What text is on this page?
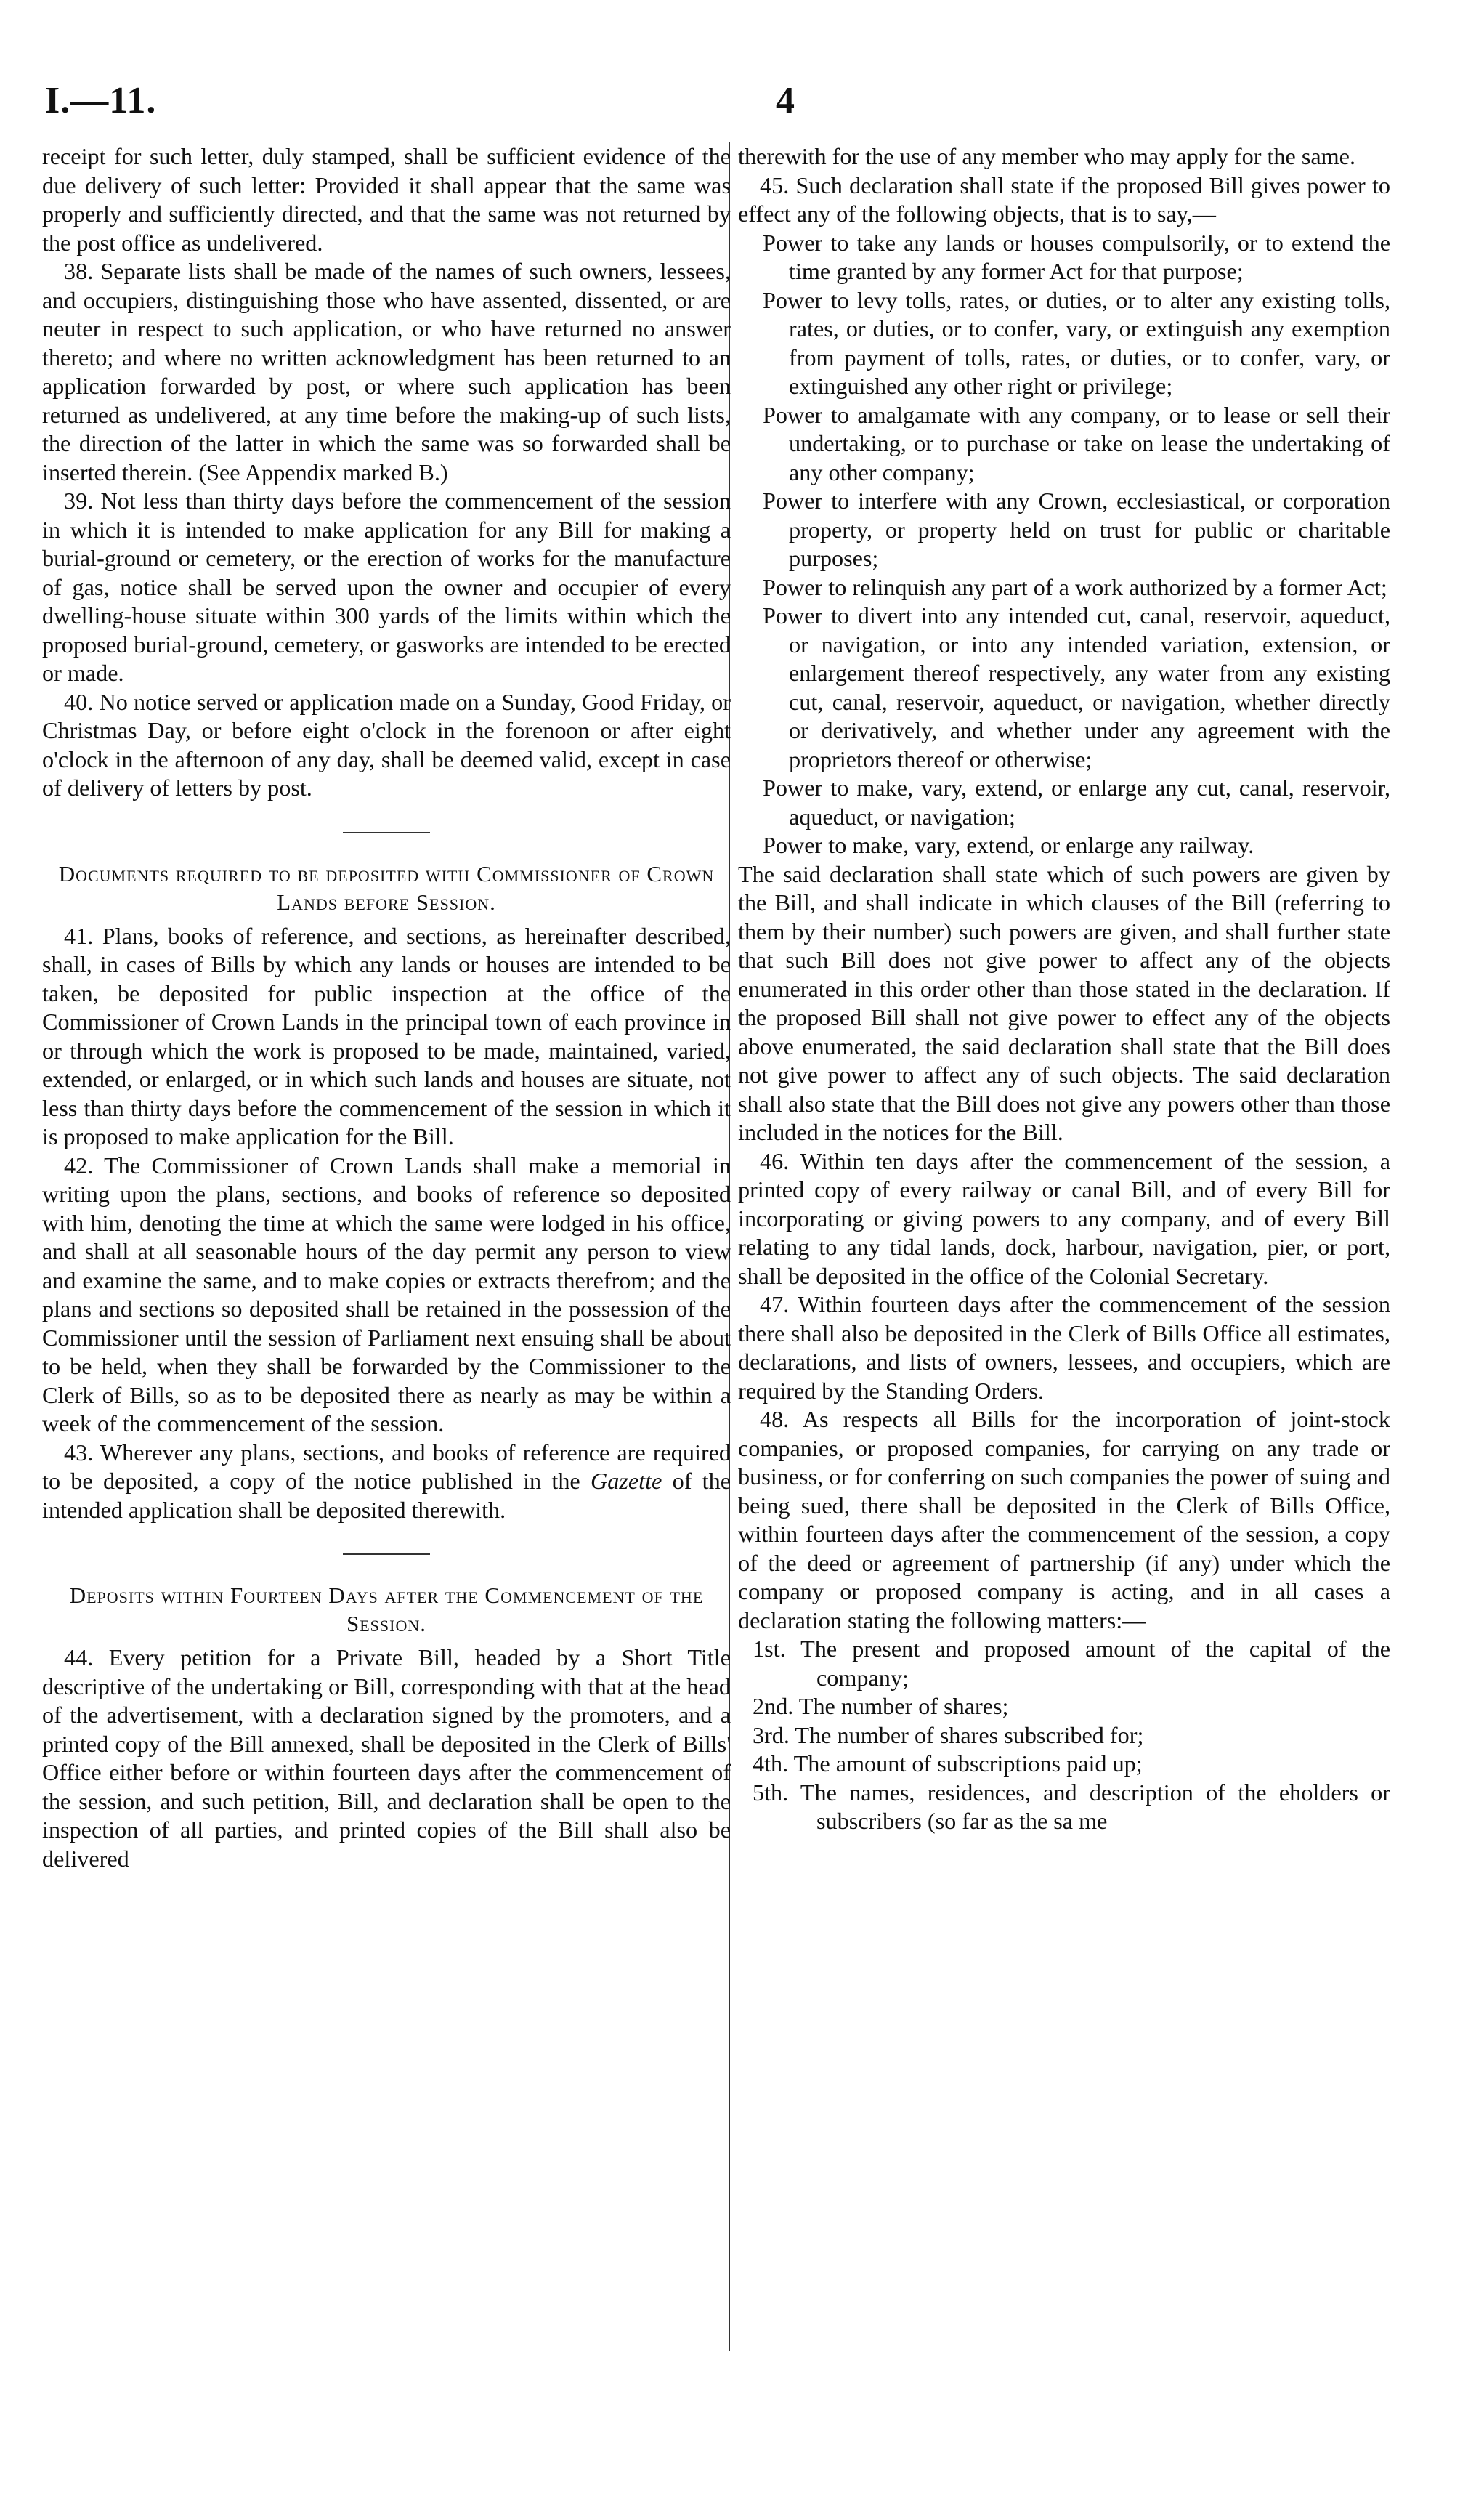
I.—11.	4

receipt for such letter, duly stamped, shall be sufficient evidence of the due delivery of such letter: Provided it shall appear that the same was properly and sufficiently directed, and that the same was not returned by the post office as undelivered.

38. Separate lists shall be made of the names of such owners, lessees, and occupiers, distinguishing those who have assented, dissented, or are neuter in respect to such application, or who have returned no answer thereto; and where no written acknowledgment has been returned to an application forwarded by post, or where such application has been returned as undelivered, at any time before the making-up of such lists, the direction of the latter in which the same was so forwarded shall be inserted therein. (See Appendix marked B.)

39. Not less than thirty days before the commencement of the session in which it is intended to make application for any Bill for making a burial-ground or cemetery, or the erection of works for the manufacture of gas, notice shall be served upon the owner and occupier of every dwelling-house situate within 300 yards of the limits within which the proposed burial-ground, cemetery, or gasworks are intended to be erected or made.

40. No notice served or application made on a Sunday, Good Friday, or Christmas Day, or before eight o'clock in the forenoon or after eight o'clock in the afternoon of any day, shall be deemed valid, except in case of delivery of letters by post.

Documents required to be deposited with Commissioner of Crown Lands before Session.

41. Plans, books of reference, and sections, as hereinafter described, shall, in cases of Bills by which any lands or houses are intended to be taken, be deposited for public inspection at the office of the Commissioner of Crown Lands in the principal town of each province in or through which the work is proposed to be made, maintained, varied, extended, or enlarged, or in which such lands and houses are situate, not less than thirty days before the commencement of the session in which it is proposed to make application for the Bill.

42. The Commissioner of Crown Lands shall make a memorial in writing upon the plans, sections, and books of reference so deposited with him, denoting the time at which the same were lodged in his office, and shall at all seasonable hours of the day permit any person to view and examine the same, and to make copies or extracts therefrom; and the plans and sections so deposited shall be retained in the possession of the Commissioner until the session of Parliament next ensuing shall be about to be held, when they shall be forwarded by the Commissioner to the Clerk of Bills, so as to be deposited there as nearly as may be within a week of the commencement of the session.

43. Wherever any plans, sections, and books of reference are required to be deposited, a copy of the notice published in the Gazette of the intended application shall be deposited therewith.

Deposits within Fourteen Days after the Commencement of the Session.

44. Every petition for a Private Bill, headed by a Short Title descriptive of the undertaking or Bill, corresponding with that at the head of the advertisement, with a declaration signed by the promoters, and a printed copy of the Bill annexed, shall be deposited in the Clerk of Bills' Office either before or within fourteen days after the commencement of the session, and such petition, Bill, and declaration shall be open to the inspection of all parties, and printed copies of the Bill shall also be delivered

therewith for the use of any member who may apply for the same.

45. Such declaration shall state if the proposed Bill gives power to effect any of the following objects, that is to say,—

Power to take any lands or houses compulsorily, or to extend the time granted by any former Act for that purpose;

Power to levy tolls, rates, or duties, or to alter any existing tolls, rates, or duties, or to confer, vary, or extinguish any exemption from payment of tolls, rates, or duties, or to confer, vary, or extinguished any other right or privilege;

Power to amalgamate with any company, or to lease or sell their undertaking, or to purchase or take on lease the undertaking of any other company;

Power to interfere with any Crown, ecclesiastical, or corporation property, or property held on trust for public or charitable purposes;

Power to relinquish any part of a work authorized by a former Act;

Power to divert into any intended cut, canal, reservoir, aqueduct, or navigation, or into any intended variation, extension, or enlargement thereof respectively, any water from any existing cut, canal, reservoir, aqueduct, or navigation, whether directly or derivatively, and whether under any agreement with the proprietors thereof or otherwise;

Power to make, vary, extend, or enlarge any cut, canal, reservoir, aqueduct, or navigation;

Power to make, vary, extend, or enlarge any railway.

The said declaration shall state which of such powers are given by the Bill, and shall indicate in which clauses of the Bill (referring to them by their number) such powers are given, and shall further state that such Bill does not give power to affect any of the objects enumerated in this order other than those stated in the declaration. If the proposed Bill shall not give power to effect any of the objects above enumerated, the said declaration shall state that the Bill does not give power to affect any of such objects. The said declaration shall also state that the Bill does not give any powers other than those included in the notices for the Bill.

46. Within ten days after the commencement of the session, a printed copy of every railway or canal Bill, and of every Bill for incorporating or giving powers to any company, and of every Bill relating to any tidal lands, dock, harbour, navigation, pier, or port, shall be deposited in the office of the Colonial Secretary.

47. Within fourteen days after the commencement of the session there shall also be deposited in the Clerk of Bills Office all estimates, declarations, and lists of owners, lessees, and occupiers, which are required by the Standing Orders.

48. As respects all Bills for the incorporation of joint-stock companies, or proposed companies, for carrying on any trade or business, or for conferring on such companies the power of suing and being sued, there shall be deposited in the Clerk of Bills Office, within fourteen days after the commencement of the session, a copy of the deed or agreement of partnership (if any) under which the company or proposed company is acting, and in all cases a declaration stating the following matters:—

1st. The present and proposed amount of the capital of the company;

2nd. The number of shares;

3rd. The number of shares subscribed for;

4th. The amount of subscriptions paid up;

5th. The names, residences, and description of the eholders or subscribers (so far as the sa me
